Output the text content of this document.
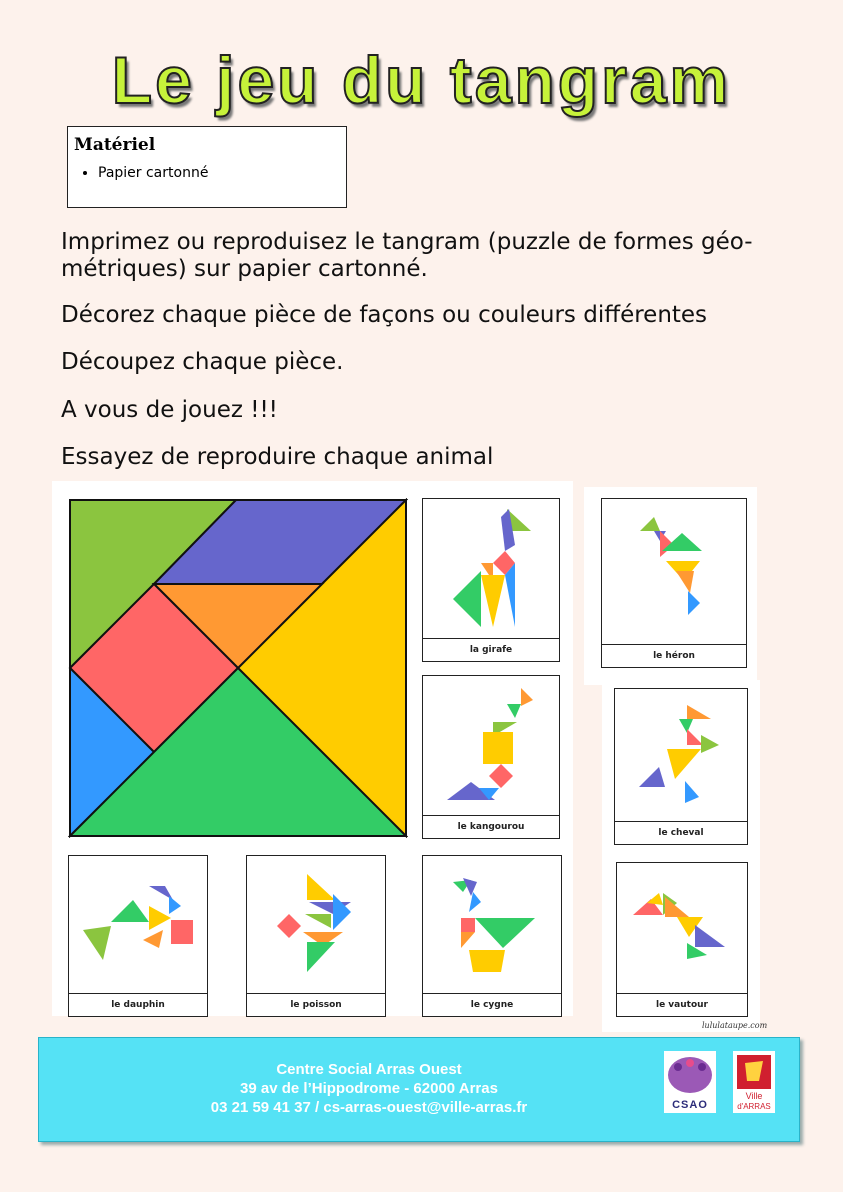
Le jeu du tangram
Matériel
• Papier cartonné
Imprimez ou reproduisez le tangram (puzzle de formes géo-
métriques) sur papier cartonné.
Décorez chaque pièce de façons ou couleurs différentes
Découpez chaque pièce.
A vous de jouez !!!
Essayez de reproduire chaque animal
la girafe
le héron
le kangourou
le cheval
le dauphin	le poisson	le cygne	le vautour
lululataupe.com
Centre Social Arras Ouest
39 av de l’Hippodrome - 62000 Arras
03 21 59 41 37 / cs-arras-ouest@ville-arras.fr	CSAO
Ville
d'ARRAS
